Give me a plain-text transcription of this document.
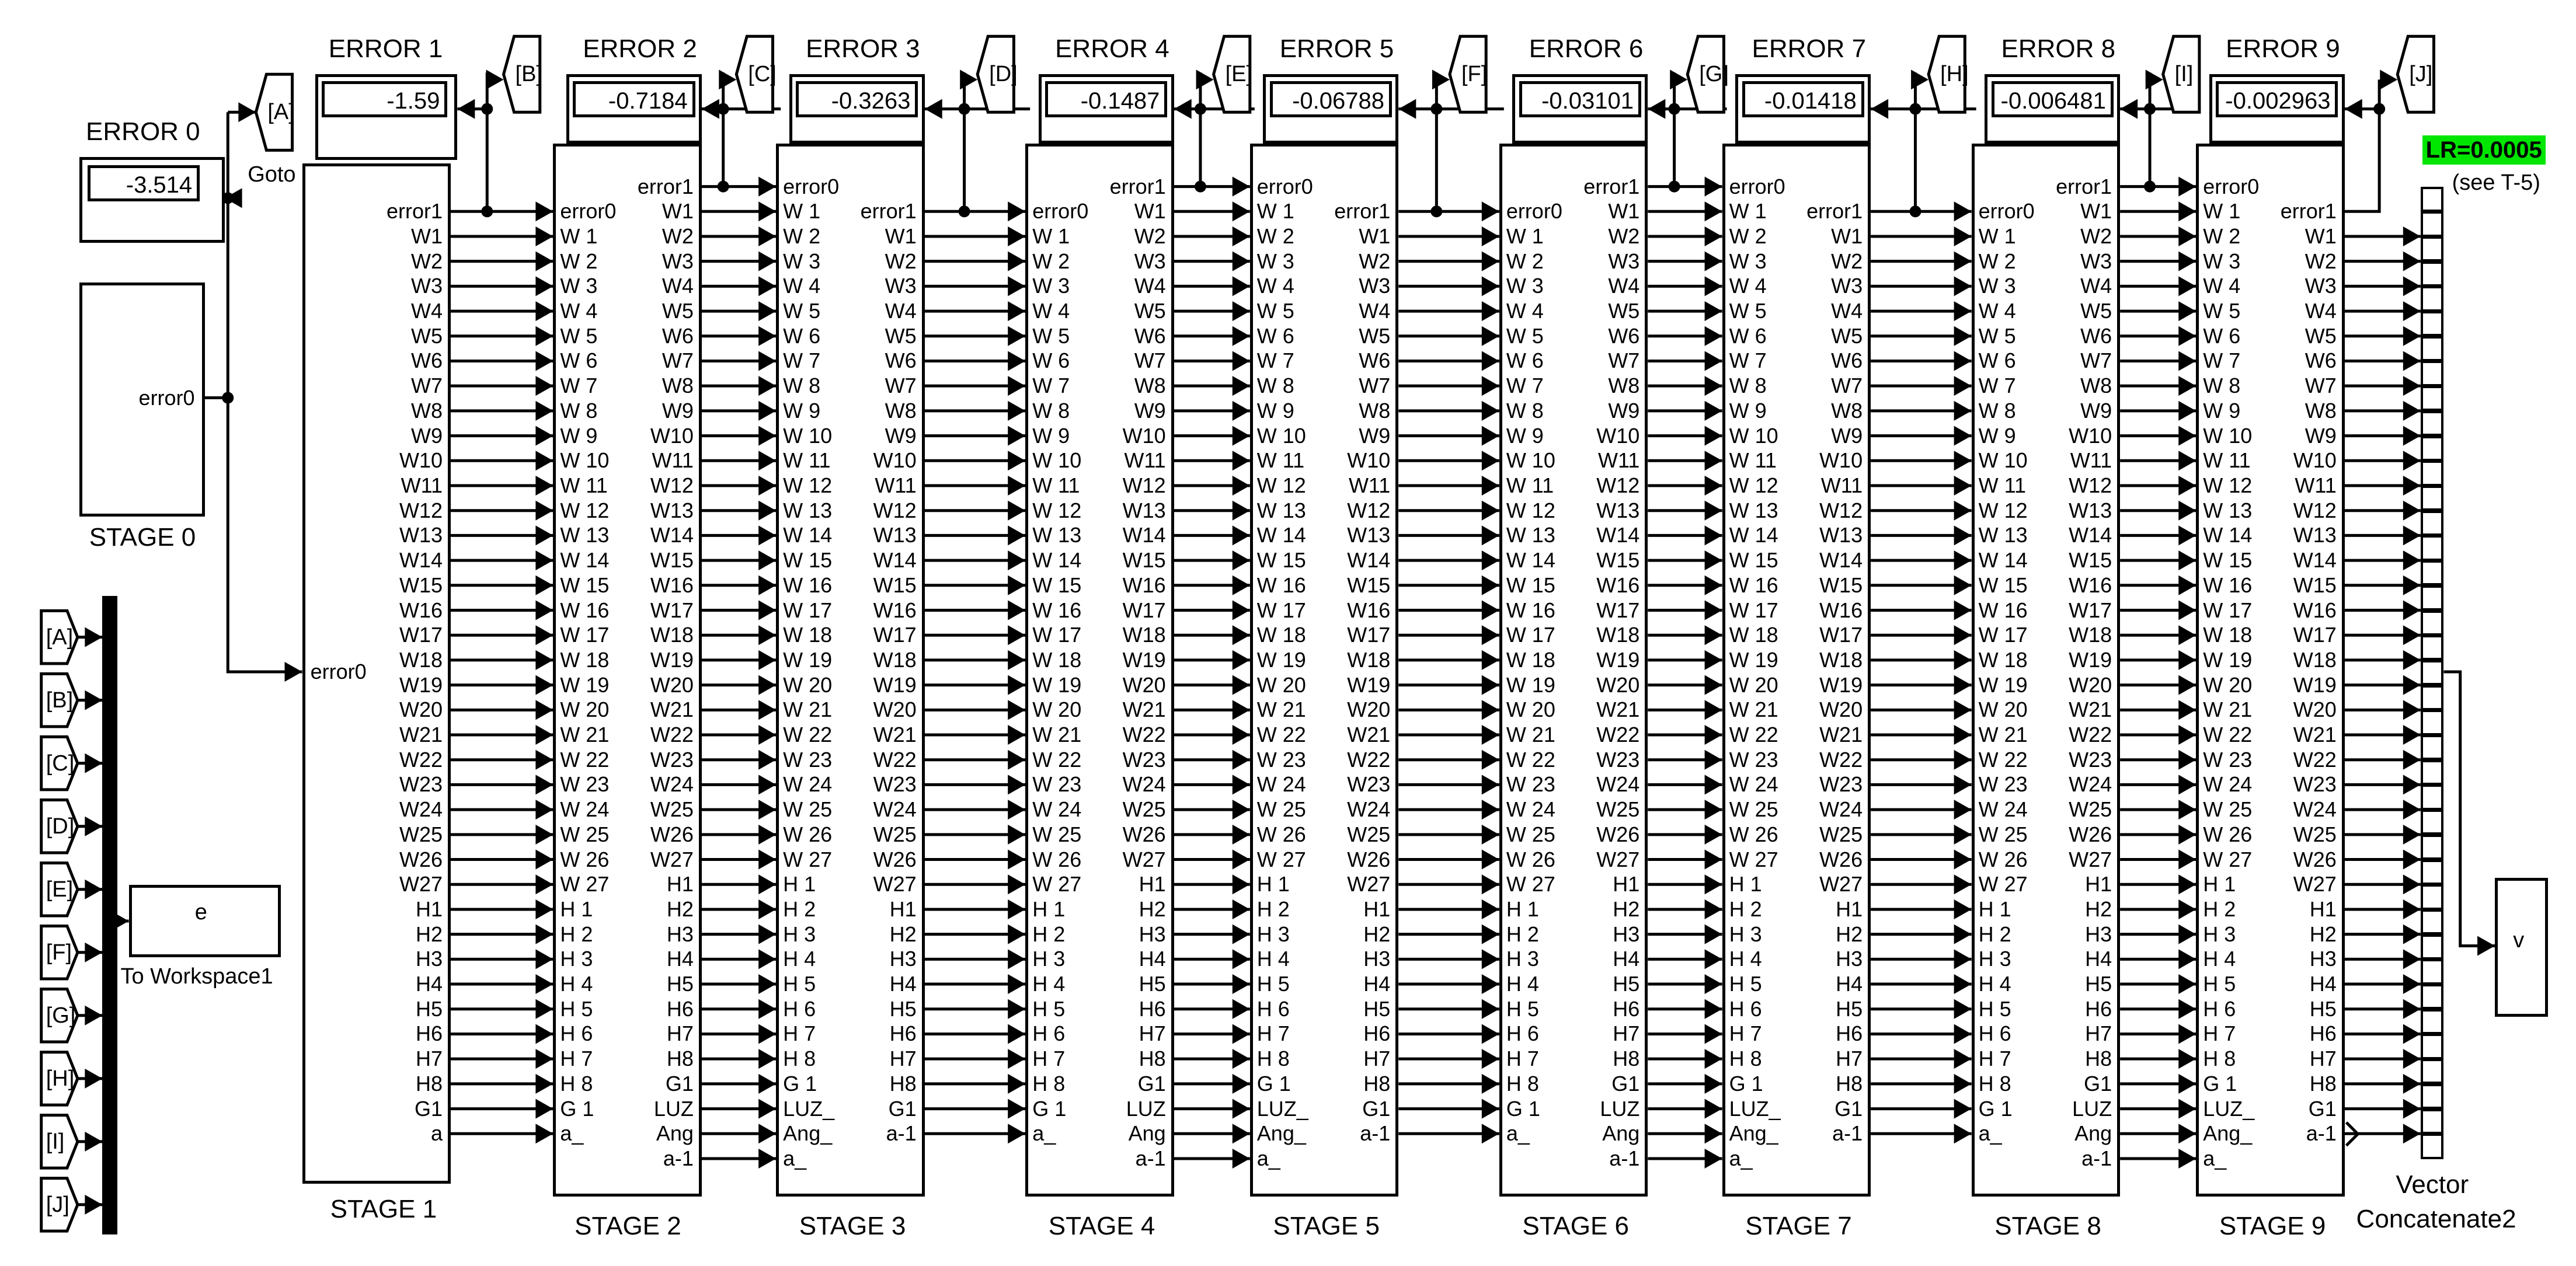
ERROR 0
-3.514
error0
STAGE 0
[A]
Goto
error0
error1
W1
W2
W3
W4
W5
W6
W7
W8
W9
W10
W11
W12
W13
W14
W15
W16
W17
W18
W19
W20
W21
W22
W23
W24
W25
W26
W27
H1
H2
H3
H4
H5
H6
H7
H8
G1
a
STAGE 1
ERROR 1
-1.59
[B]
ERROR 2
-0.7184
error0
W 1
W 2
W 3
W 4
W 5
W 6
W 7
W 8
W 9
W 10
W 11
W 12
W 13
W 14
W 15
W 16
W 17
W 18
W 19
W 20
W 21
W 22
W 23
W 24
W 25
W 26
W 27
H 1
H 2
H 3
H 4
H 5
H 6
H 7
H 8
G 1
a_
error1
W1
W2
W3
W4
W5
W6
W7
W8
W9
W10
W11
W12
W13
W14
W15
W16
W17
W18
W19
W20
W21
W22
W23
W24
W25
W26
W27
H1
H2
H3
H4
H5
H6
H7
H8
G1
LUZ
Ang
a-1
STAGE 2
[C]
ERROR 3
-0.3263
error0
W 1
W 2
W 3
W 4
W 5
W 6
W 7
W 8
W 9
W 10
W 11
W 12
W 13
W 14
W 15
W 16
W 17
W 18
W 19
W 20
W 21
W 22
W 23
W 24
W 25
W 26
W 27
H 1
H 2
H 3
H 4
H 5
H 6
H 7
H 8
G 1
LUZ_
Ang_
a_
error1
W1
W2
W3
W4
W5
W6
W7
W8
W9
W10
W11
W12
W13
W14
W15
W16
W17
W18
W19
W20
W21
W22
W23
W24
W25
W26
W27
H1
H2
H3
H4
H5
H6
H7
H8
G1
a-1
STAGE 3
[D]
ERROR 4
-0.1487
error0
W 1
W 2
W 3
W 4
W 5
W 6
W 7
W 8
W 9
W 10
W 11
W 12
W 13
W 14
W 15
W 16
W 17
W 18
W 19
W 20
W 21
W 22
W 23
W 24
W 25
W 26
W 27
H 1
H 2
H 3
H 4
H 5
H 6
H 7
H 8
G 1
a_
error1
W1
W2
W3
W4
W5
W6
W7
W8
W9
W10
W11
W12
W13
W14
W15
W16
W17
W18
W19
W20
W21
W22
W23
W24
W25
W26
W27
H1
H2
H3
H4
H5
H6
H7
H8
G1
LUZ
Ang
a-1
STAGE 4
[E]
ERROR 5
-0.06788
error0
W 1
W 2
W 3
W 4
W 5
W 6
W 7
W 8
W 9
W 10
W 11
W 12
W 13
W 14
W 15
W 16
W 17
W 18
W 19
W 20
W 21
W 22
W 23
W 24
W 25
W 26
W 27
H 1
H 2
H 3
H 4
H 5
H 6
H 7
H 8
G 1
LUZ_
Ang_
a_
error1
W1
W2
W3
W4
W5
W6
W7
W8
W9
W10
W11
W12
W13
W14
W15
W16
W17
W18
W19
W20
W21
W22
W23
W24
W25
W26
W27
H1
H2
H3
H4
H5
H6
H7
H8
G1
a-1
STAGE 5
[F]
ERROR 6
-0.03101
error0
W 1
W 2
W 3
W 4
W 5
W 6
W 7
W 8
W 9
W 10
W 11
W 12
W 13
W 14
W 15
W 16
W 17
W 18
W 19
W 20
W 21
W 22
W 23
W 24
W 25
W 26
W 27
H 1
H 2
H 3
H 4
H 5
H 6
H 7
H 8
G 1
a_
error1
W1
W2
W3
W4
W5
W6
W7
W8
W9
W10
W11
W12
W13
W14
W15
W16
W17
W18
W19
W20
W21
W22
W23
W24
W25
W26
W27
H1
H2
H3
H4
H5
H6
H7
H8
G1
LUZ
Ang
a-1
STAGE 6
[G]
ERROR 7
-0.01418
error0
W 1
W 2
W 3
W 4
W 5
W 6
W 7
W 8
W 9
W 10
W 11
W 12
W 13
W 14
W 15
W 16
W 17
W 18
W 19
W 20
W 21
W 22
W 23
W 24
W 25
W 26
W 27
H 1
H 2
H 3
H 4
H 5
H 6
H 7
H 8
G 1
LUZ_
Ang_
a_
error1
W1
W2
W3
W4
W5
W6
W7
W8
W9
W10
W11
W12
W13
W14
W15
W16
W17
W18
W19
W20
W21
W22
W23
W24
W25
W26
W27
H1
H2
H3
H4
H5
H6
H7
H8
G1
a-1
STAGE 7
[H]
ERROR 8
-0.006481
error0
W 1
W 2
W 3
W 4
W 5
W 6
W 7
W 8
W 9
W 10
W 11
W 12
W 13
W 14
W 15
W 16
W 17
W 18
W 19
W 20
W 21
W 22
W 23
W 24
W 25
W 26
W 27
H 1
H 2
H 3
H 4
H 5
H 6
H 7
H 8
G 1
a_
error1
W1
W2
W3
W4
W5
W6
W7
W8
W9
W10
W11
W12
W13
W14
W15
W16
W17
W18
W19
W20
W21
W22
W23
W24
W25
W26
W27
H1
H2
H3
H4
H5
H6
H7
H8
G1
LUZ
Ang
a-1
STAGE 8
[I]
ERROR 9
-0.002963
error0
W 1
W 2
W 3
W 4
W 5
W 6
W 7
W 8
W 9
W 10
W 11
W 12
W 13
W 14
W 15
W 16
W 17
W 18
W 19
W 20
W 21
W 22
W 23
W 24
W 25
W 26
W 27
H 1
H 2
H 3
H 4
H 5
H 6
H 7
H 8
G 1
LUZ_
Ang_
a_
error1
W1
W2
W3
W4
W5
W6
W7
W8
W9
W10
W11
W12
W13
W14
W15
W16
W17
W18
W19
W20
W21
W22
W23
W24
W25
W26
W27
H1
H2
H3
H4
H5
H6
H7
H8
G1
a-1
STAGE 9
[J]
LR=0.0005
(see T-5)
Vector
Concatenate2
v
[A]
[B]
[C]
[D]
[E]
[F]
[G]
[H]
[I]
[J]
e
To Workspace1
